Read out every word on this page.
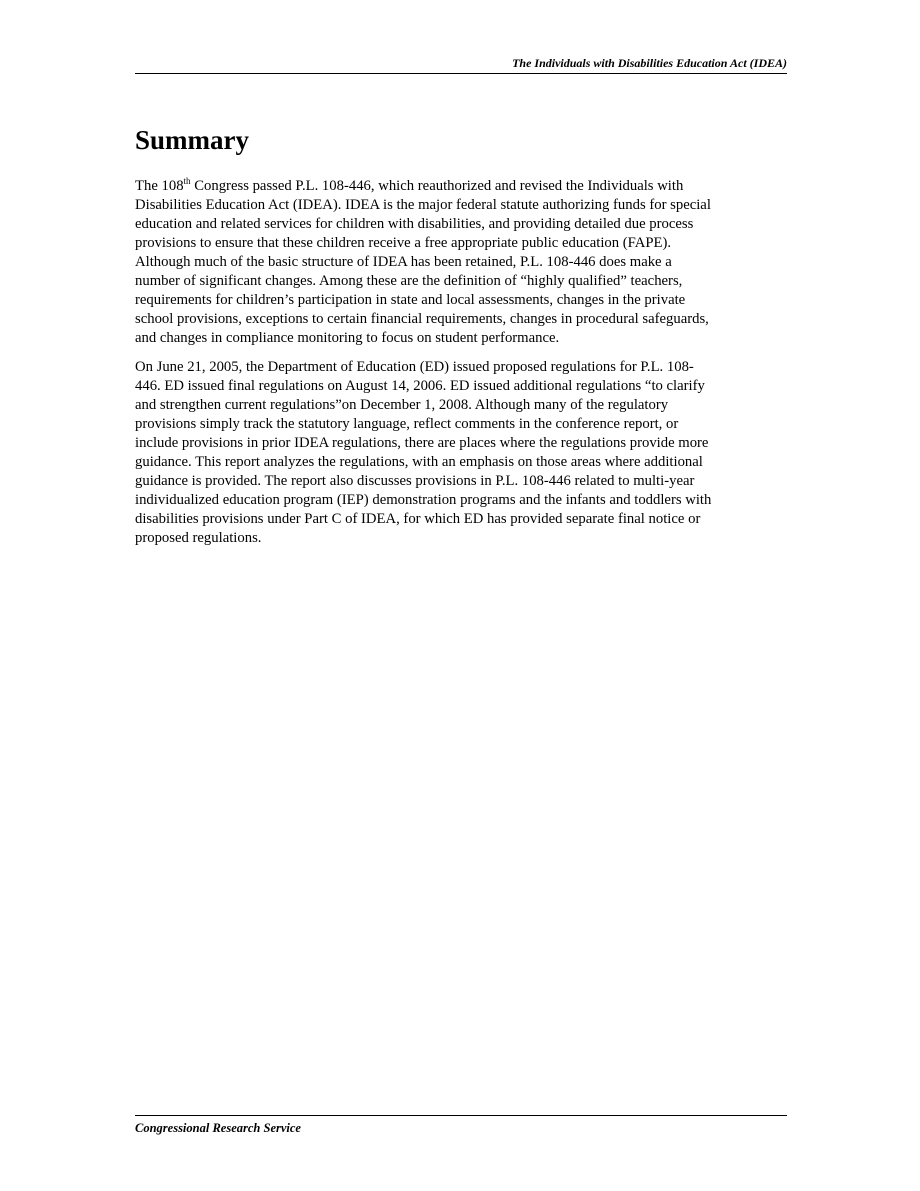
The Individuals with Disabilities Education Act (IDEA)
Summary

The 108th Congress passed P.L. 108-446, which reauthorized and revised the Individuals with
Disabilities Education Act (IDEA). IDEA is the major federal statute authorizing funds for special
education and related services for children with disabilities, and providing detailed due process
provisions to ensure that these children receive a free appropriate public education (FAPE).
Although much of the basic structure of IDEA has been retained, P.L. 108-446 does make a
number of significant changes. Among these are the definition of “highly qualified” teachers,
requirements for children’s participation in state and local assessments, changes in the private
school provisions, exceptions to certain financial requirements, changes in procedural safeguards,
and changes in compliance monitoring to focus on student performance.

On June 21, 2005, the Department of Education (ED) issued proposed regulations for P.L. 108-
446. ED issued final regulations on August 14, 2006. ED issued additional regulations “to clarify
and strengthen current regulations”on December 1, 2008. Although many of the regulatory
provisions simply track the statutory language, reflect comments in the conference report, or
include provisions in prior IDEA regulations, there are places where the regulations provide more
guidance. This report analyzes the regulations, with an emphasis on those areas where additional
guidance is provided. The report also discusses provisions in P.L. 108-446 related to multi-year
individualized education program (IEP) demonstration programs and the infants and toddlers with
disabilities provisions under Part C of IDEA, for which ED has provided separate final notice or
proposed regulations.

Congressional Research Service
